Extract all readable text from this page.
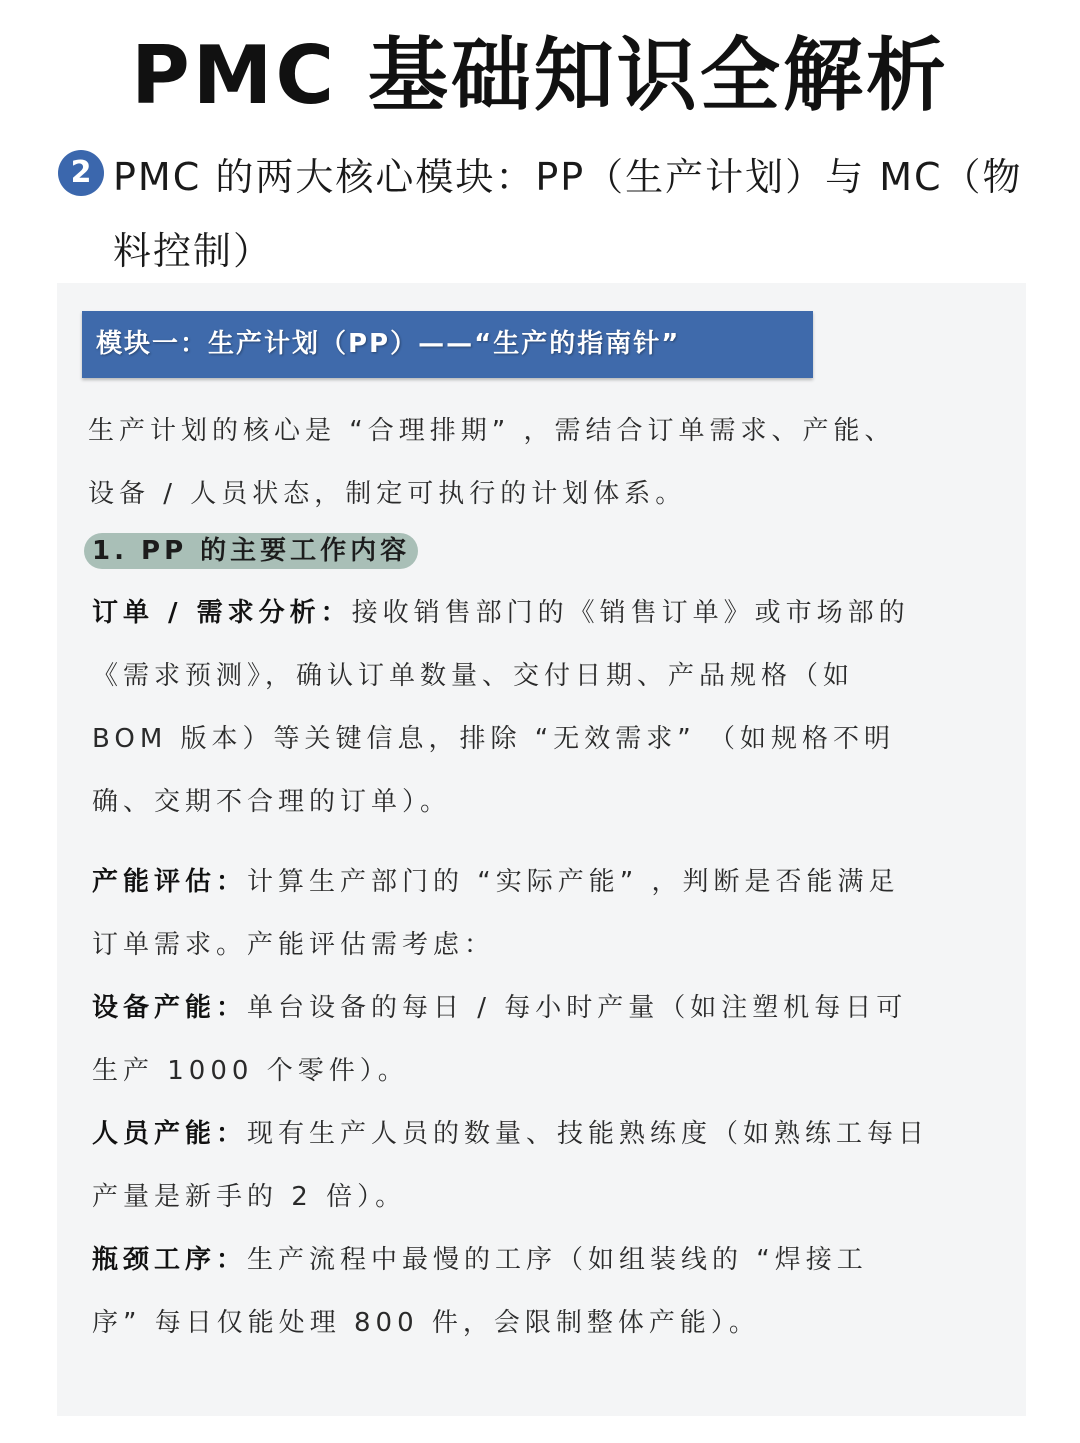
PMC 基础知识全解析
2 PMC 的两大核心模块：PP（生产计划）与 MC（物
料控制）
模块一：生产计划（PP）——“生产的指南针”
生产计划的核心是 “合理排期” ，需结合订单需求、产能、
设备 / 人员状态，制定可执行的计划体系。
1. PP 的主要工作内容
订单 / 需求分析：接收销售部门的《销售订单》或市场部的
《需求预测》，确认订单数量、交付日期、产品规格（如
BOM 版本）等关键信息，排除 “无效需求” （如规格不明
确、交期不合理的订单）。
产能评估：计算生产部门的 “实际产能” ，判断是否能满足
订单需求。产能评估需考虑：
设备产能：单台设备的每日 / 每小时产量（如注塑机每日可
生产 1000 个零件）。
人员产能：现有生产人员的数量、技能熟练度（如熟练工每日
产量是新手的 2 倍）。
瓶颈工序：生产流程中最慢的工序（如组装线的 “焊接工
序” 每日仅能处理 800 件，会限制整体产能）。
